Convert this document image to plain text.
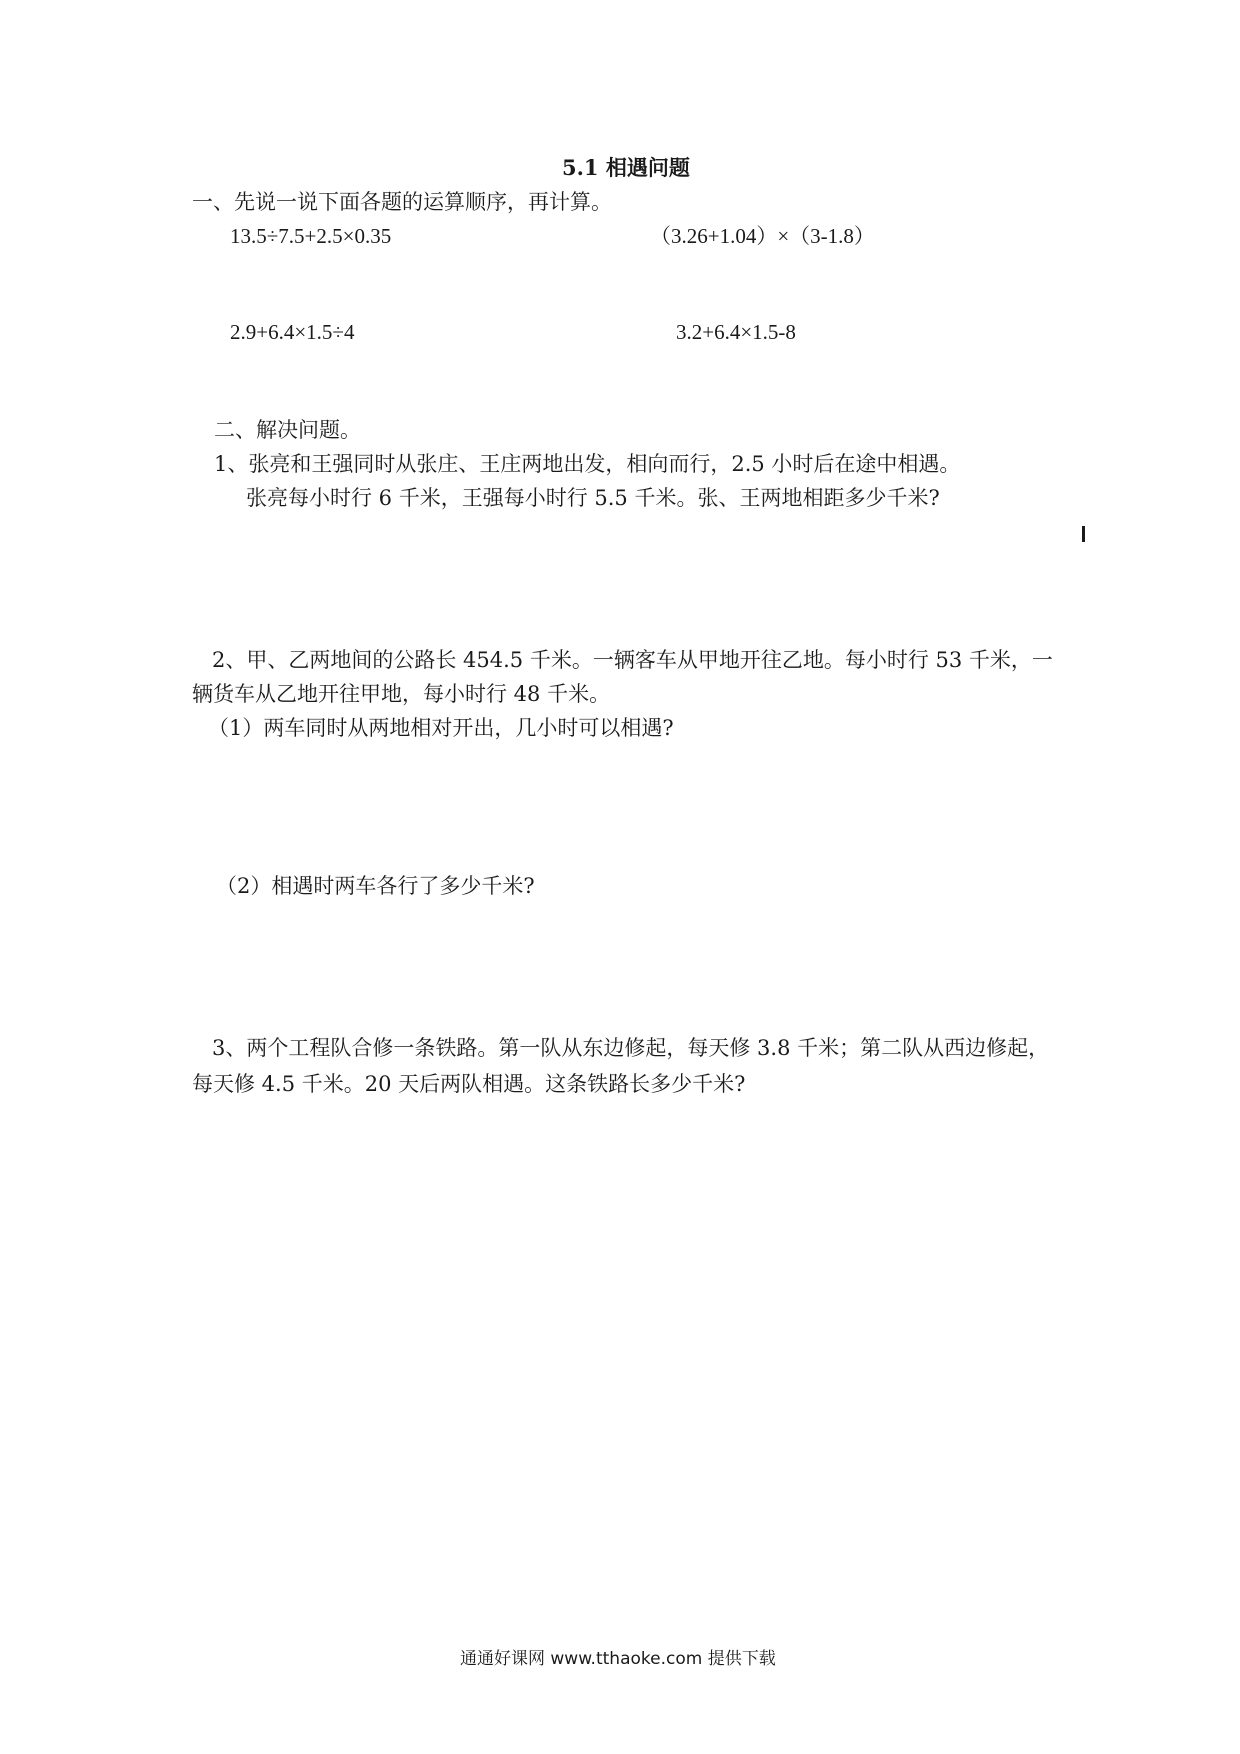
5.1 相遇问题
一、先说一说下面各题的运算顺序，再计算。
13.5÷7.5+2.5×0.35	（3.26+1.04）×（3-1.8）
2.9+6.4×1.5÷4	3.2+6.4×1.5-8
二、解决问题。
1、张亮和王强同时从张庄、王庄两地出发，相向而行，2.5 小时后在途中相遇。
张亮每小时行 6 千米，王强每小时行 5.5 千米。张、王两地相距多少千米?
2、甲、乙两地间的公路长 454.5 千米。一辆客车从甲地开往乙地。每小时行 53 千米，一
辆货车从乙地开往甲地，每小时行 48 千米。
（1）两车同时从两地相对开出，几小时可以相遇?
（2）相遇时两车各行了多少千米?
3、两个工程队合修一条铁路。第一队从东边修起，每天修 3.8 千米；第二队从西边修起，
每天修 4.5 千米。20 天后两队相遇。这条铁路长多少千米?
通通好课网 www.tthaoke.com 提供下载
